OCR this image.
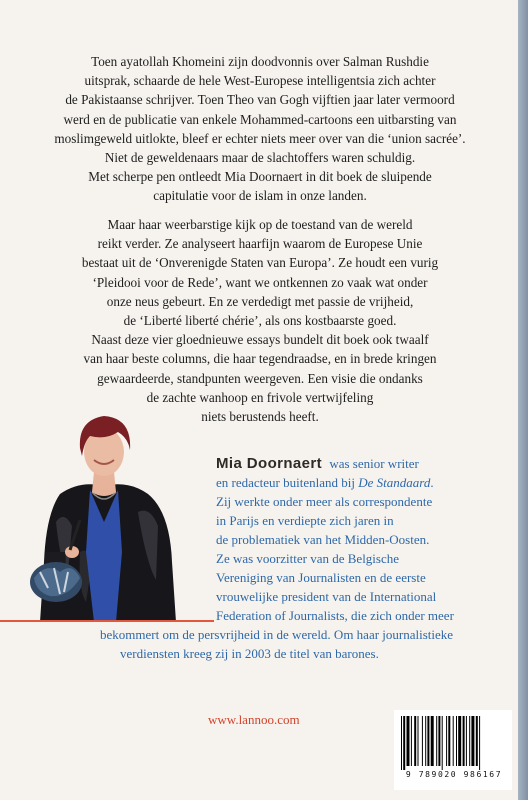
Toen ayatollah Khomeini zijn doodvonnis over Salman Rushdie
uitsprak, schaarde de hele West-Europese intelligentsia zich achter
de Pakistaanse schrijver. Toen Theo van Gogh vijftien jaar later vermoord
werd en de publicatie van enkele Mohammed-cartoons een uitbarsting van
moslimgeweld uitlokte, bleef er echter niets meer over van die ‘union sacrée’.
Niet de geweldenaars maar de slachtoffers waren schuldig.
Met scherpe pen ontleedt Mia Doornaert in dit boek de sluipende
capitulatie voor de islam in onze landen.
Maar haar weerbarstige kijk op de toestand van de wereld
reikt verder. Ze analyseert haarfijn waarom de Europese Unie
bestaat uit de ‘Onverenigde Staten van Europa’. Ze houdt een vurig
‘Pleidooi voor de Rede’, want we ontkennen zo vaak wat onder
onze neus gebeurt. En ze verdedigt met passie de vrijheid,
de ‘Liberté liberté chérie’, als ons kostbaarste goed.
Naast deze vier gloednieuwe essays bundelt dit boek ook twaalf
van haar beste columns, die haar tegendraadse, en in brede kringen
gewaardeerde, standpunten weergeven. Een visie die ondanks
de zachte wanhoop en frivole vertwijfeling
niets berustends heeft.
Mia Doornaert was senior writer
en redacteur buitenland bij De Standaard.
Zij werkte onder meer als correspondente
in Parijs en verdiepte zich jaren in
de problematiek van het Midden-Oosten.
Ze was voorzitter van de Belgische
Vereniging van Journalisten en de eerste
vrouwelijke president van de International
Federation of Journalists, die zich onder meer
bekommert om de persvrijheid in de wereld. Om haar journalistieke
verdiensten kreeg zij in 2003 de titel van barones.
www.lannoo.com
9 789020 986167
